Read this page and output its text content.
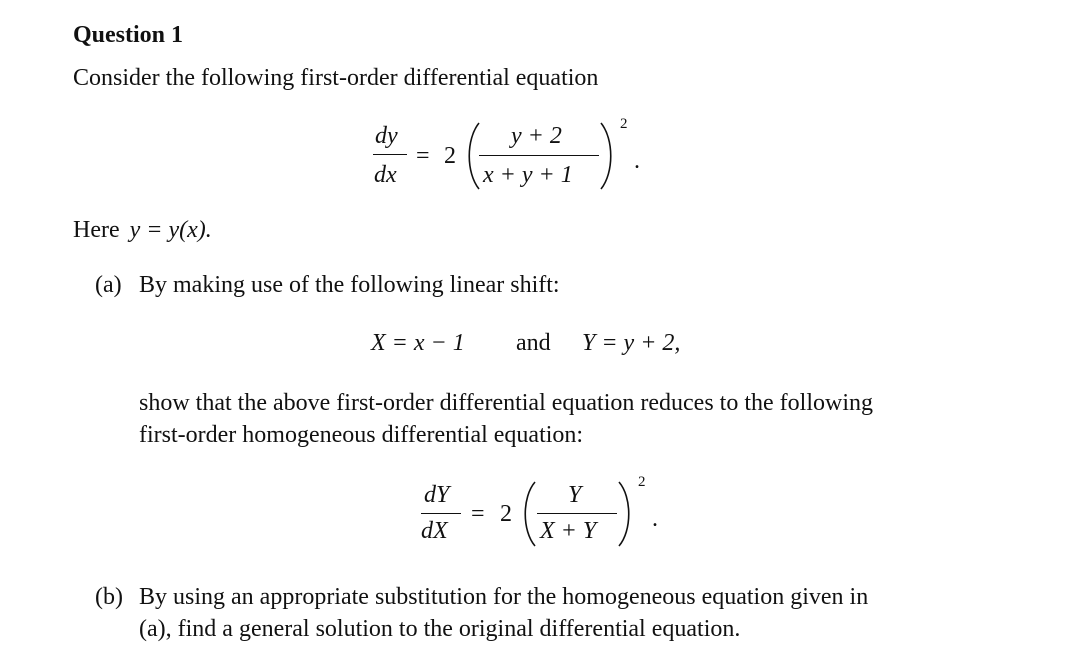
Question 1
Consider the following first-order differential equation
dy
dx
= 2
y + 2
x + y + 1
2
.
Here y = y(x).
(a) By making use of the following linear shift:
X = x − 1 and Y = y + 2,
show that the above first-order differential equation reduces to the following
first-order homogeneous differential equation:
dY
dX
= 2
Y
X + Y
2
.
(b) By using an appropriate substitution for the homogeneous equation given in
(a), find a general solution to the original differential equation.
